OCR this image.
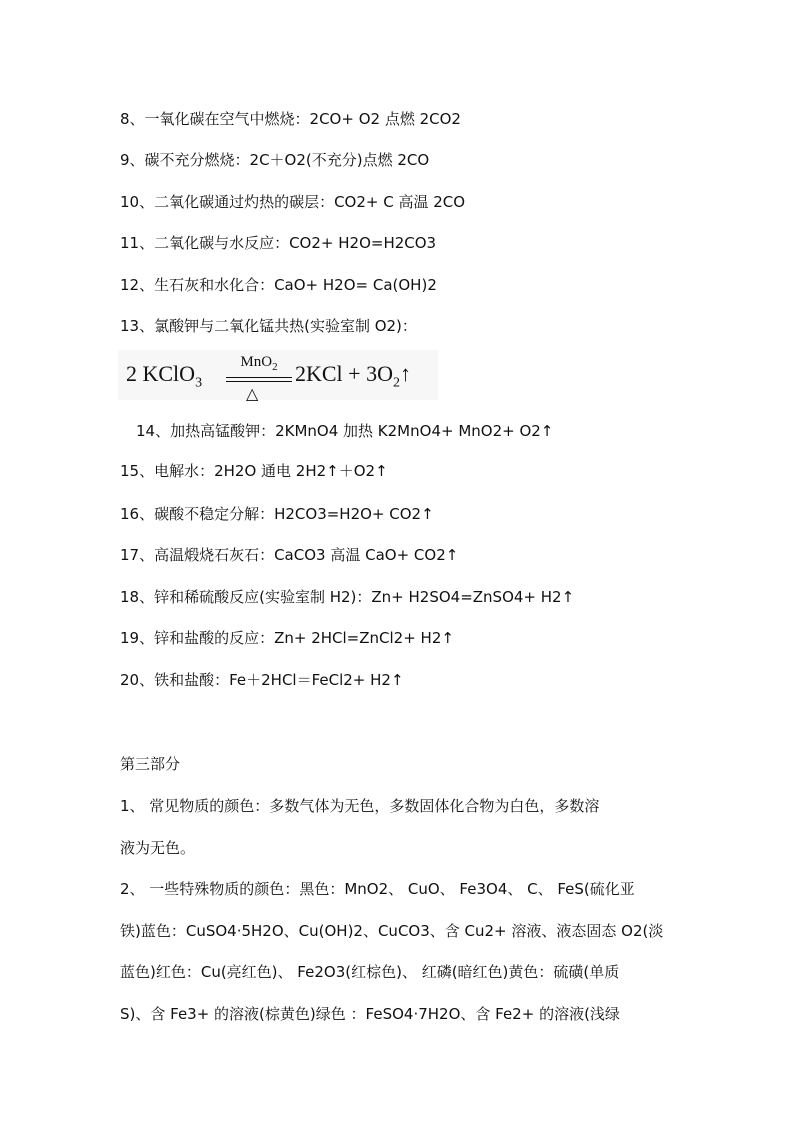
8、一氧化碳在空气中燃烧：2CO+ O2 点燃 2CO2
9、碳不充分燃烧：2C＋O2(不充分)点燃 2CO
10、二氧化碳通过灼热的碳层：CO2+ C 高温 2CO
11、二氧化碳与水反应：CO2+ H2O=H2CO3
12、生石灰和水化合：CaO+ H2O= Ca(OH)2
13、氯酸钾与二氧化锰共热(实验室制 O2)：
2 KClO$_3$
MnO$_2$
△
$2KCl + 3O_2↑$
14、加热高锰酸钾：2KMnO4 加热 K2MnO4+ MnO2+ O2↑
15、电解水：2H2O 通电 2H2↑＋O2↑
16、碳酸不稳定分解：H2CO3=H2O+ CO2↑
17、高温煅烧石灰石：CaCO3 高温 CaO+ CO2↑
18、锌和稀硫酸反应(实验室制 H2)：Zn+ H2SO4=ZnSO4+ H2↑
19、锌和盐酸的反应：Zn+ 2HCl=ZnCl2+ H2↑
20、铁和盐酸：Fe＋2HCl＝FeCl2+ H2↑
第三部分
1、 常见物质的颜色：多数气体为无色，多数固体化合物为白色，多数溶
液为无色。
2、 一些特殊物质的颜色：黑色：MnO2、 CuO、 Fe3O4、 C、 FeS(硫化亚
铁)蓝色：CuSO4·5H2O、Cu(OH)2、CuCO3、含 Cu2+ 溶液、液态固态 O2(淡
蓝色)红色：Cu(亮红色)、 Fe2O3(红棕色)、 红磷(暗红色)黄色：硫磺(单质
S)、含 Fe3+ 的溶液(棕黄色)绿色 ：FeSO4·7H2O、含 Fe2+ 的溶液(浅绿
